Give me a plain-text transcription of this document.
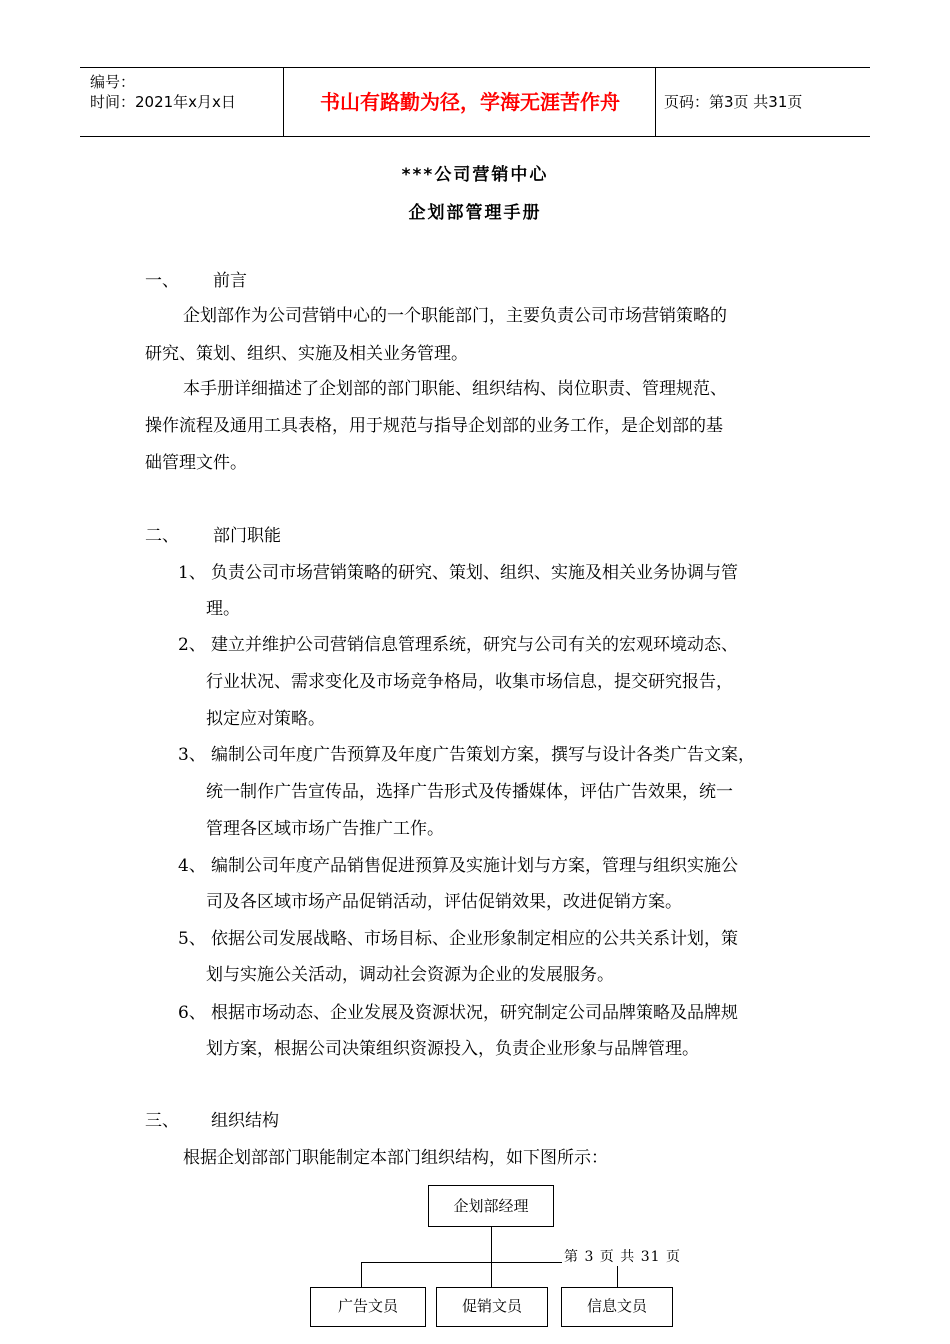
编号：
时间：2021年x月x日	书山有路勤为径，学海无涯苦作舟	页码：第3页 共31页
***公司营销中心
企划部管理手册
一、 前言
企划部作为公司营销中心的一个职能部门，主要负责公司市场营销策略的
研究、策划、组织、实施及相关业务管理。
本手册详细描述了企划部的部门职能、组织结构、岗位职责、管理规范、
操作流程及通用工具表格，用于规范与指导企划部的业务工作，是企划部的基
础管理文件。
二、 部门职能
1、 负责公司市场营销策略的研究、策划、组织、实施及相关业务协调与管
理。
2、 建立并维护公司营销信息管理系统，研究与公司有关的宏观环境动态、
行业状况、需求变化及市场竞争格局，收集市场信息，提交研究报告，
拟定应对策略。
3、 编制公司年度广告预算及年度广告策划方案，撰写与设计各类广告文案，
统一制作广告宣传品，选择广告形式及传播媒体，评估广告效果，统一
管理各区域市场广告推广工作。
4、 编制公司年度产品销售促进预算及实施计划与方案，管理与组织实施公
司及各区域市场产品促销活动，评估促销效果，改进促销方案。
5、 依据公司发展战略、市场目标、企业形象制定相应的公共关系计划，策
划与实施公关活动，调动社会资源为企业的发展服务。
6、 根据市场动态、企业发展及资源状况，研究制定公司品牌策略及品牌规
划方案，根据公司决策组织资源投入，负责企业形象与品牌管理。
三、 组织结构
根据企划部部门职能制定本部门组织结构，如下图所示：
企划部经理
第 3 页 共 31 页
广告文员	促销文员	信息文员
